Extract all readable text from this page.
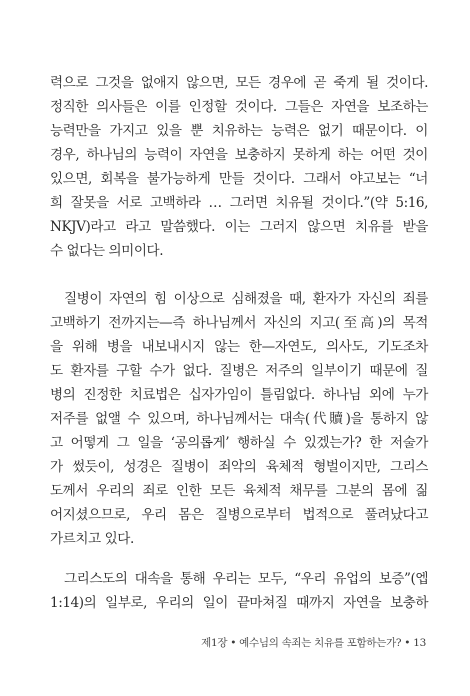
력으로 그것을 없애지 않으면, 모든 경우에 곧 죽게 될 것이다.
정직한 의사들은 이를 인정할 것이다. 그들은 자연을 보조하는
능력만을 가지고 있을 뿐 치유하는 능력은 없기 때문이다. 이
경우, 하나님의 능력이 자연을 보충하지 못하게 하는 어떤 것이
있으면, 회복을 불가능하게 만들 것이다. 그래서 야고보는 “너
희 잘못을 서로 고백하라 … 그러면 치유될 것이다.”(약 5:16,
NKJV)라고 라고 말씀했다. 이는 그러지 않으면 치유를 받을
수 없다는 의미이다.
질병이 자연의 힘 이상으로 심해졌을 때, 환자가 자신의 죄를
고백하기 전까지는—즉 하나님께서 자신의 지고(至高)의 목적
을 위해 병을 내보내시지 않는 한—자연도, 의사도, 기도조차
도 환자를 구할 수가 없다. 질병은 저주의 일부이기 때문에 질
병의 진정한 치료법은 십자가임이 틀림없다. 하나님 외에 누가
저주를 없앨 수 있으며, 하나님께서는 대속(代贖)을 통하지 않
고 어떻게 그 일을 ‘공의롭게’ 행하실 수 있겠는가? 한 저술가
가 썼듯이, 성경은 질병이 죄악의 육체적 형벌이지만, 그리스
도께서 우리의 죄로 인한 모든 육체적 채무를 그분의 몸에 짊
어지셨으므로, 우리 몸은 질병으로부터 법적으로 풀려났다고
가르치고 있다.
그리스도의 대속을 통해 우리는 모두, “우리 유업의 보증”(엡
1:14)의 일부로, 우리의 일이 끝마쳐질 때까지 자연을 보충하
제1장 • 예수님의 속죄는 치유를 포함하는가? • 13
